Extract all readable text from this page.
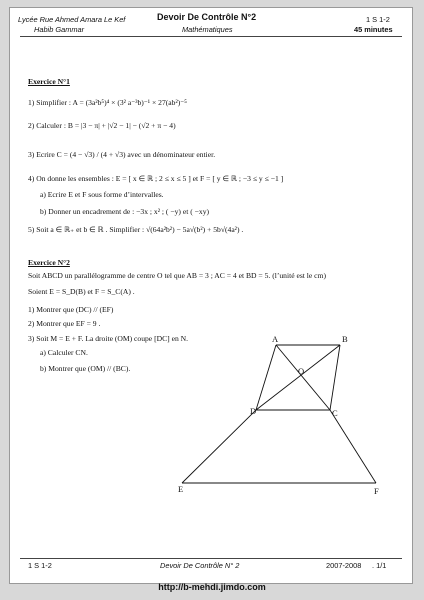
Lycée Rue Ahmed Amara Le Kef
Habib Gammar
Devoir De Contrôle N°2
Mathématiques
1 S 1-2
45 minutes
Exercice N°1
1) Simplifier : A = (3a²b⁵)⁴ × (3² a⁻³b)⁻¹ × 27(ab²)⁻⁵
2) Calculer : B = |3 − π| + |√2 − 1| − (√2 + π − 4)
3) Ecrire C = (4 − √3) / (4 + √3) avec un dénominateur entier.
4) On donne les ensembles : E = [ x ∈ ℝ ; 2 ≤ x ≤ 5 ] et F = [ y ∈ ℝ ; −3 ≤ y ≤ −1 ]
a) Ecrire E et F sous forme d’intervalles.
b) Donner un encadrement de : −3x ; x² ; ( −y) et ( −xy)
5) Soit a ∈ ℝ₊ et b ∈ ℝ . Simplifier : √(64a²b²) − 5a√(b²) + 5b√(4a²) .
Exercice N°2
Soit ABCD un parallélogramme de centre O tel que AB = 3 ; AC = 4 et BD = 5. (l’unité est le cm)
Soient E = S_D(B) et F = S_C(A) .
1) Montrer que (DC) // (EF)
2) Montrer que EF = 9 .
3) Soit M = E + F. La droite (OM) coupe [DC] en N.
a) Calculer CN.
b) Montrer que (OM) // (BC).
A	B
C
D
O
E	F
1 S 1-2	Devoir De Contrôle N° 2	2007-2008 . 1/1
http://b-mehdi.jimdo.com
